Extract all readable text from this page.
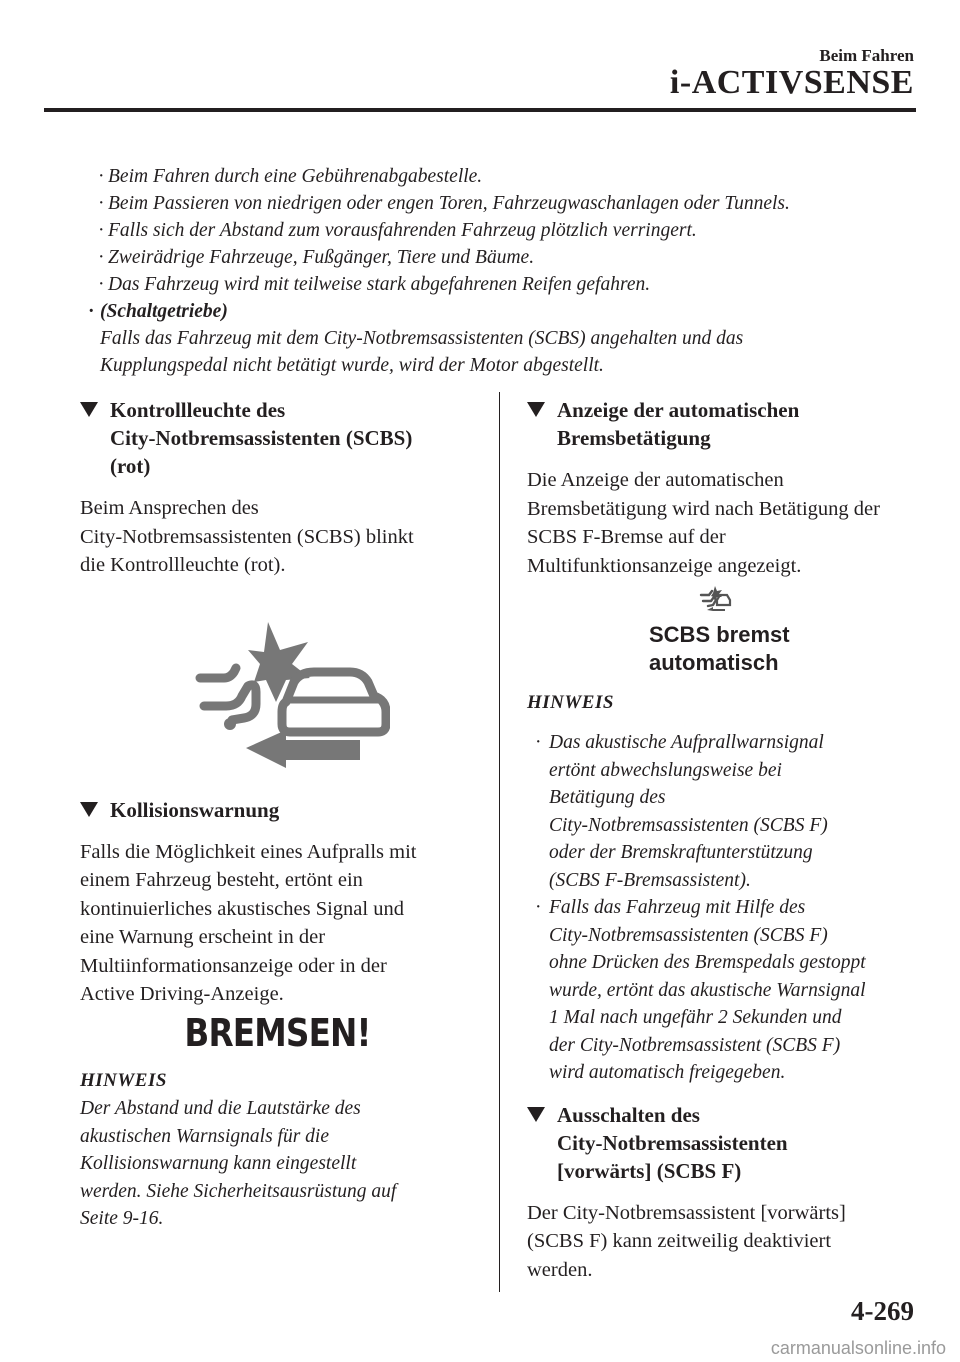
Beim Fahren
i-ACTIVSENSE
· Beim Fahren durch eine Gebührenabgabestelle.
· Beim Passieren von niedrigen oder engen Toren, Fahrzeugwaschanlagen oder Tunnels.
· Falls sich der Abstand zum vorausfahrenden Fahrzeug plötzlich verringert.
· Zweirädrige Fahrzeuge, Fußgänger, Tiere und Bäume.
· Das Fahrzeug wird mit teilweise stark abgefahrenen Reifen gefahren.
· (Schaltgetriebe)
Falls das Fahrzeug mit dem City-Notbremsassistenten (SCBS) angehalten und das
Kupplungspedal nicht betätigt wurde, wird der Motor abgestellt.
Kontrollleuchte des
City-Notbremsassistenten (SCBS)
(rot)
Beim Ansprechen des
City-Notbremsassistenten (SCBS) blinkt
die Kontrollleuchte (rot).
Kollisionswarnung
Falls die Möglichkeit eines Aufpralls mit
einem Fahrzeug besteht, ertönt ein
kontinuierliches akustisches Signal und
eine Warnung erscheint in der
Multiinformationsanzeige oder in der
Active Driving-Anzeige.
BREMSEN!
HINWEIS
Der Abstand und die Lautstärke des
akustischen Warnsignals für die
Kollisionswarnung kann eingestellt
werden. Siehe Sicherheitsausrüstung auf
Seite 9-16.
Anzeige der automatischen
Bremsbetätigung
Die Anzeige der automatischen
Bremsbetätigung wird nach Betätigung der
SCBS F-Bremse auf der
Multifunktionsanzeige angezeigt.
SCBS bremst
automatisch
HINWEIS
· Das akustische Aufprallwarnsignal
ertönt abwechslungsweise bei
Betätigung des
City-Notbremsassistenten (SCBS F)
oder der Bremskraftunterstützung
(SCBS F-Bremsassistent).
· Falls das Fahrzeug mit Hilfe des
City-Notbremsassistenten (SCBS F)
ohne Drücken des Bremspedals gestoppt
wurde, ertönt das akustische Warnsignal
1 Mal nach ungefähr 2 Sekunden und
der City-Notbremsassistent (SCBS F)
wird automatisch freigegeben.
Ausschalten des
City-Notbremsassistenten
[vorwärts] (SCBS F)
Der City-Notbremsassistent [vorwärts]
(SCBS F) kann zeitweilig deaktiviert
werden.
4-269
carmanualsonline.info
